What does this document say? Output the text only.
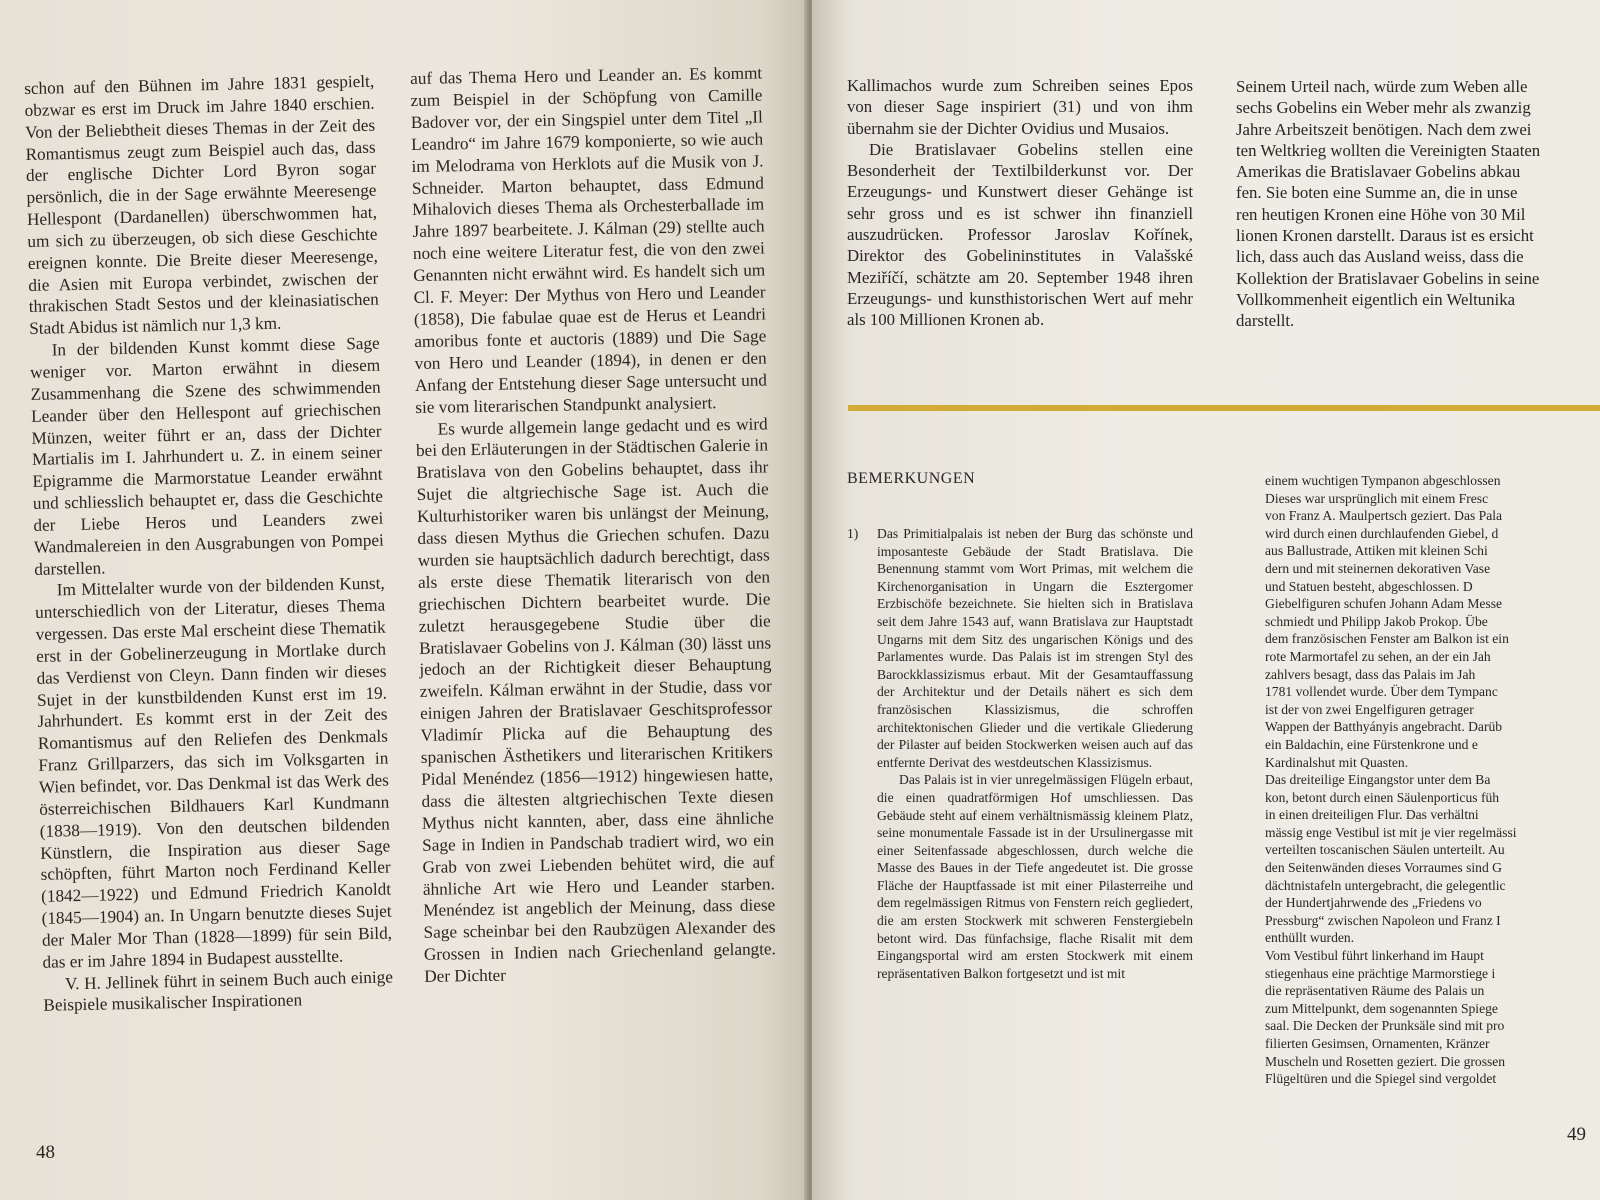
schon auf den Bühnen im Jahre 1831 gespielt, obzwar es erst im Druck im Jahre 1840 erschien. Von der Beliebtheit dieses Themas in der Zeit des Romantismus zeugt zum Beispiel auch das, dass der englische Dichter Lord Byron sogar persönlich, die in der Sage erwähnte Meeresenge Hellespont (Dardanellen) überschwommen hat, um sich zu überzeugen, ob sich diese Geschichte ereignen konnte. Die Breite dieser Meeresenge, die Asien mit Europa verbindet, zwischen der thrakischen Stadt Sestos und der kleinasiatischen Stadt Abidus ist nämlich nur 1,3 km.

In der bildenden Kunst kommt diese Sage weniger vor. Marton erwähnt in diesem Zusammenhang die Szene des schwimmenden Leander über den Hellespont auf griechischen Münzen, weiter führt er an, dass der Dichter Martialis im I. Jahrhundert u. Z. in einem seiner Epigramme die Marmorstatue Leander erwähnt und schliesslich behauptet er, dass die Geschichte der Liebe Heros und Leanders zwei Wandmalereien in den Ausgrabungen von Pompei darstellen.

Im Mittelalter wurde von der bildenden Kunst, unterschiedlich von der Literatur, dieses Thema vergessen. Das erste Mal erscheint diese Thematik erst in der Gobelinerzeugung in Mortlake durch das Verdienst von Cleyn. Dann finden wir dieses Sujet in der kunstbildenden Kunst erst im 19. Jahrhundert. Es kommt erst in der Zeit des Romantismus auf den Reliefen des Denkmals Franz Grillparzers, das sich im Volksgarten in Wien befindet, vor. Das Denkmal ist das Werk des österreichischen Bildhauers Karl Kundmann (1838—1919). Von den deutschen bildenden Künstlern, die Inspiration aus dieser Sage schöpften, führt Marton noch Ferdinand Keller (1842—1922) und Edmund Friedrich Kanoldt (1845—1904) an. In Ungarn benutzte dieses Sujet der Maler Mor Than (1828—1899) für sein Bild, das er im Jahre 1894 in Budapest ausstellte.

V. H. Jellinek führt in seinem Buch auch einige Beispiele musikalischer Inspirationen

auf das Thema Hero und Leander an. Es kommt zum Beispiel in der Schöpfung von Camille Badover vor, der ein Singspiel unter dem Titel „Il Leandro“ im Jahre 1679 komponierte, so wie auch im Melodrama von Herklots auf die Musik von J. Schneider. Marton behauptet, dass Edmund Mihalovich dieses Thema als Orchesterballade im Jahre 1897 bearbeitete. J. Kálman (29) stellte auch noch eine weitere Literatur fest, die von den zwei Genannten nicht erwähnt wird. Es handelt sich um Cl. F. Meyer: Der Mythus von Hero und Leander (1858), Die fabulae quae est de Herus et Leandri amoribus fonte et auctoris (1889) und Die Sage von Hero und Leander (1894), in denen er den Anfang der Entstehung dieser Sage untersucht und sie vom literarischen Standpunkt analysiert.

Es wurde allgemein lange gedacht und es wird bei den Erläuterungen in der Städtischen Galerie in Bratislava von den Gobelins behauptet, dass ihr Sujet die altgriechische Sage ist. Auch die Kulturhistoriker waren bis unlängst der Meinung, dass diesen Mythus die Griechen schufen. Dazu wurden sie hauptsächlich dadurch berechtigt, dass als erste diese Thematik literarisch von den griechischen Dichtern bearbeitet wurde. Die zuletzt herausgegebene Studie über die Bratislavaer Gobelins von J. Kálman (30) lässt uns jedoch an der Richtigkeit dieser Behauptung zweifeln. Kálman erwähnt in der Studie, dass vor einigen Jahren der Bratislavaer Geschitsprofessor Vladimír Plicka auf die Behauptung des spanischen Ästhetikers und literarischen Kritikers Pidal Menéndez (1856—1912) hingewiesen hatte, dass die ältesten altgriechischen Texte diesen Mythus nicht kannten, aber, dass eine ähnliche Sage in Indien in Pandschab tradiert wird, wo ein Grab von zwei Liebenden behütet wird, die auf ähnliche Art wie Hero und Leander starben. Menéndez ist angeblich der Meinung, dass diese Sage scheinbar bei den Raubzügen Alexander des Grossen in Indien nach Griechenland gelangte. Der Dichter

48

Kallimachos wurde zum Schreiben seines Epos von dieser Sage inspiriert (31) und von ihm übernahm sie der Dichter Ovidius und Musaios.

Die Bratislavaer Gobelins stellen eine Besonderheit der Textilbilderkunst vor. Der Erzeugungs- und Kunstwert dieser Gehänge ist sehr gross und es ist schwer ihn finanziell auszudrücken. Professor Jaroslav Kořínek, Direktor des Gobelininstitutes in Valašské Meziříčí, schätzte am 20. September 1948 ihren Erzeugungs- und kunsthistorischen Wert auf mehr als 100 Millionen Kronen ab.

Seinem Urteil nach, würde zum Weben alle
sechs Gobelins ein Weber mehr als zwanzig
Jahre Arbeitszeit benötigen. Nach dem zwei
ten Weltkrieg wollten die Vereinigten Staaten
Amerikas die Bratislavaer Gobelins abkau
fen. Sie boten eine Summe an, die in unse
ren heutigen Kronen eine Höhe von 30 Mil
lionen Kronen darstellt. Daraus ist es ersicht
lich, dass auch das Ausland weiss, dass die
Kollektion der Bratislavaer Gobelins in seine
Vollkommenheit eigentlich ein Weltunika
darstellt.
BEMERKUNGEN
1)	Das Primitialpalais ist neben der Burg das schönste und imposanteste Gebäude der Stadt Bratislava. Die Benennung stammt vom Wort Primas, mit welchem die Kirchenorganisation in Ungarn die Esztergomer Erzbischöfe bezeichnete. Sie hielten sich in Bratislava seit dem Jahre 1543 auf, wann Bratislava zur Hauptstadt Ungarns mit dem Sitz des ungarischen Königs und des Parlamentes wurde. Das Palais ist im strengen Styl des Barockklassizismus erbaut. Mit der Gesamtauffassung der Architektur und der Details nähert es sich dem französischen Klassizismus, die schroffen architektonischen Glieder und die vertikale Gliederung der Pilaster auf beiden Stockwerken weisen auch auf das entfernte Derivat des westdeutschen Klassizismus.

Das Palais ist in vier unregelmässigen Flügeln erbaut, die einen quadratförmigen Hof umschliessen. Das Gebäude steht auf einem verhältnismässig kleinem Platz, seine monumentale Fassade ist in der Ursulinergasse mit einer Seitenfassade abgeschlossen, durch welche die Masse des Baues in der Tiefe angedeutet ist. Die grosse Fläche der Hauptfassade ist mit einer Pilasterreihe und dem regelmässigen Ritmus von Fenstern reich gegliedert, die am ersten Stockwerk mit schweren Fenstergiebeln betont wird. Das fünfachsige, flache Risalit mit dem Eingangsportal wird am ersten Stockwerk mit einem repräsentativen Balkon fortgesetzt und ist mit

einem wuchtigen Tympanon abgeschlossen
Dieses war ursprünglich mit einem Fresc
von Franz A. Maulpertsch geziert. Das Pala
wird durch einen durchlaufenden Giebel, d
aus Ballustrade, Attiken mit kleinen Schi
dern und mit steinernen dekorativen Vase
und Statuen besteht, abgeschlossen. D
Giebelfiguren schufen Johann Adam Messe
schmiedt und Philipp Jakob Prokop. Übe
dem französischen Fenster am Balkon ist ein
rote Marmortafel zu sehen, an der ein Jah
zahlvers besagt, dass das Palais im Jah
1781 vollendet wurde. Über dem Tympanc
ist der von zwei Engelfiguren getrager
Wappen der Batthyányis angebracht. Darüb
ein Baldachin, eine Fürstenkrone und e
Kardinalshut mit Quasten.
Das dreiteilige Eingangstor unter dem Ba
kon, betont durch einen Säulenporticus füh
in einen dreiteiligen Flur. Das verhältni
mässig enge Vestibul ist mit je vier regelmässi
verteilten toscanischen Säulen unterteilt. Au
den Seitenwänden dieses Vorraumes sind G
dächtnistafeln untergebracht, die gelegentlic
der Hundertjahrwende des „Friedens vo
Pressburg“ zwischen Napoleon und Franz I
enthüllt wurden.
Vom Vestibul führt linkerhand im Haupt
stiegenhaus eine prächtige Marmorstiege i
die repräsentativen Räume des Palais un
zum Mittelpunkt, dem sogenannten Spiege
saal. Die Decken der Prunksäle sind mit pro
filierten Gesimsen, Ornamenten, Kränzer
Muscheln und Rosetten geziert. Die grossen
Flügeltüren und die Spiegel sind vergoldet
49
